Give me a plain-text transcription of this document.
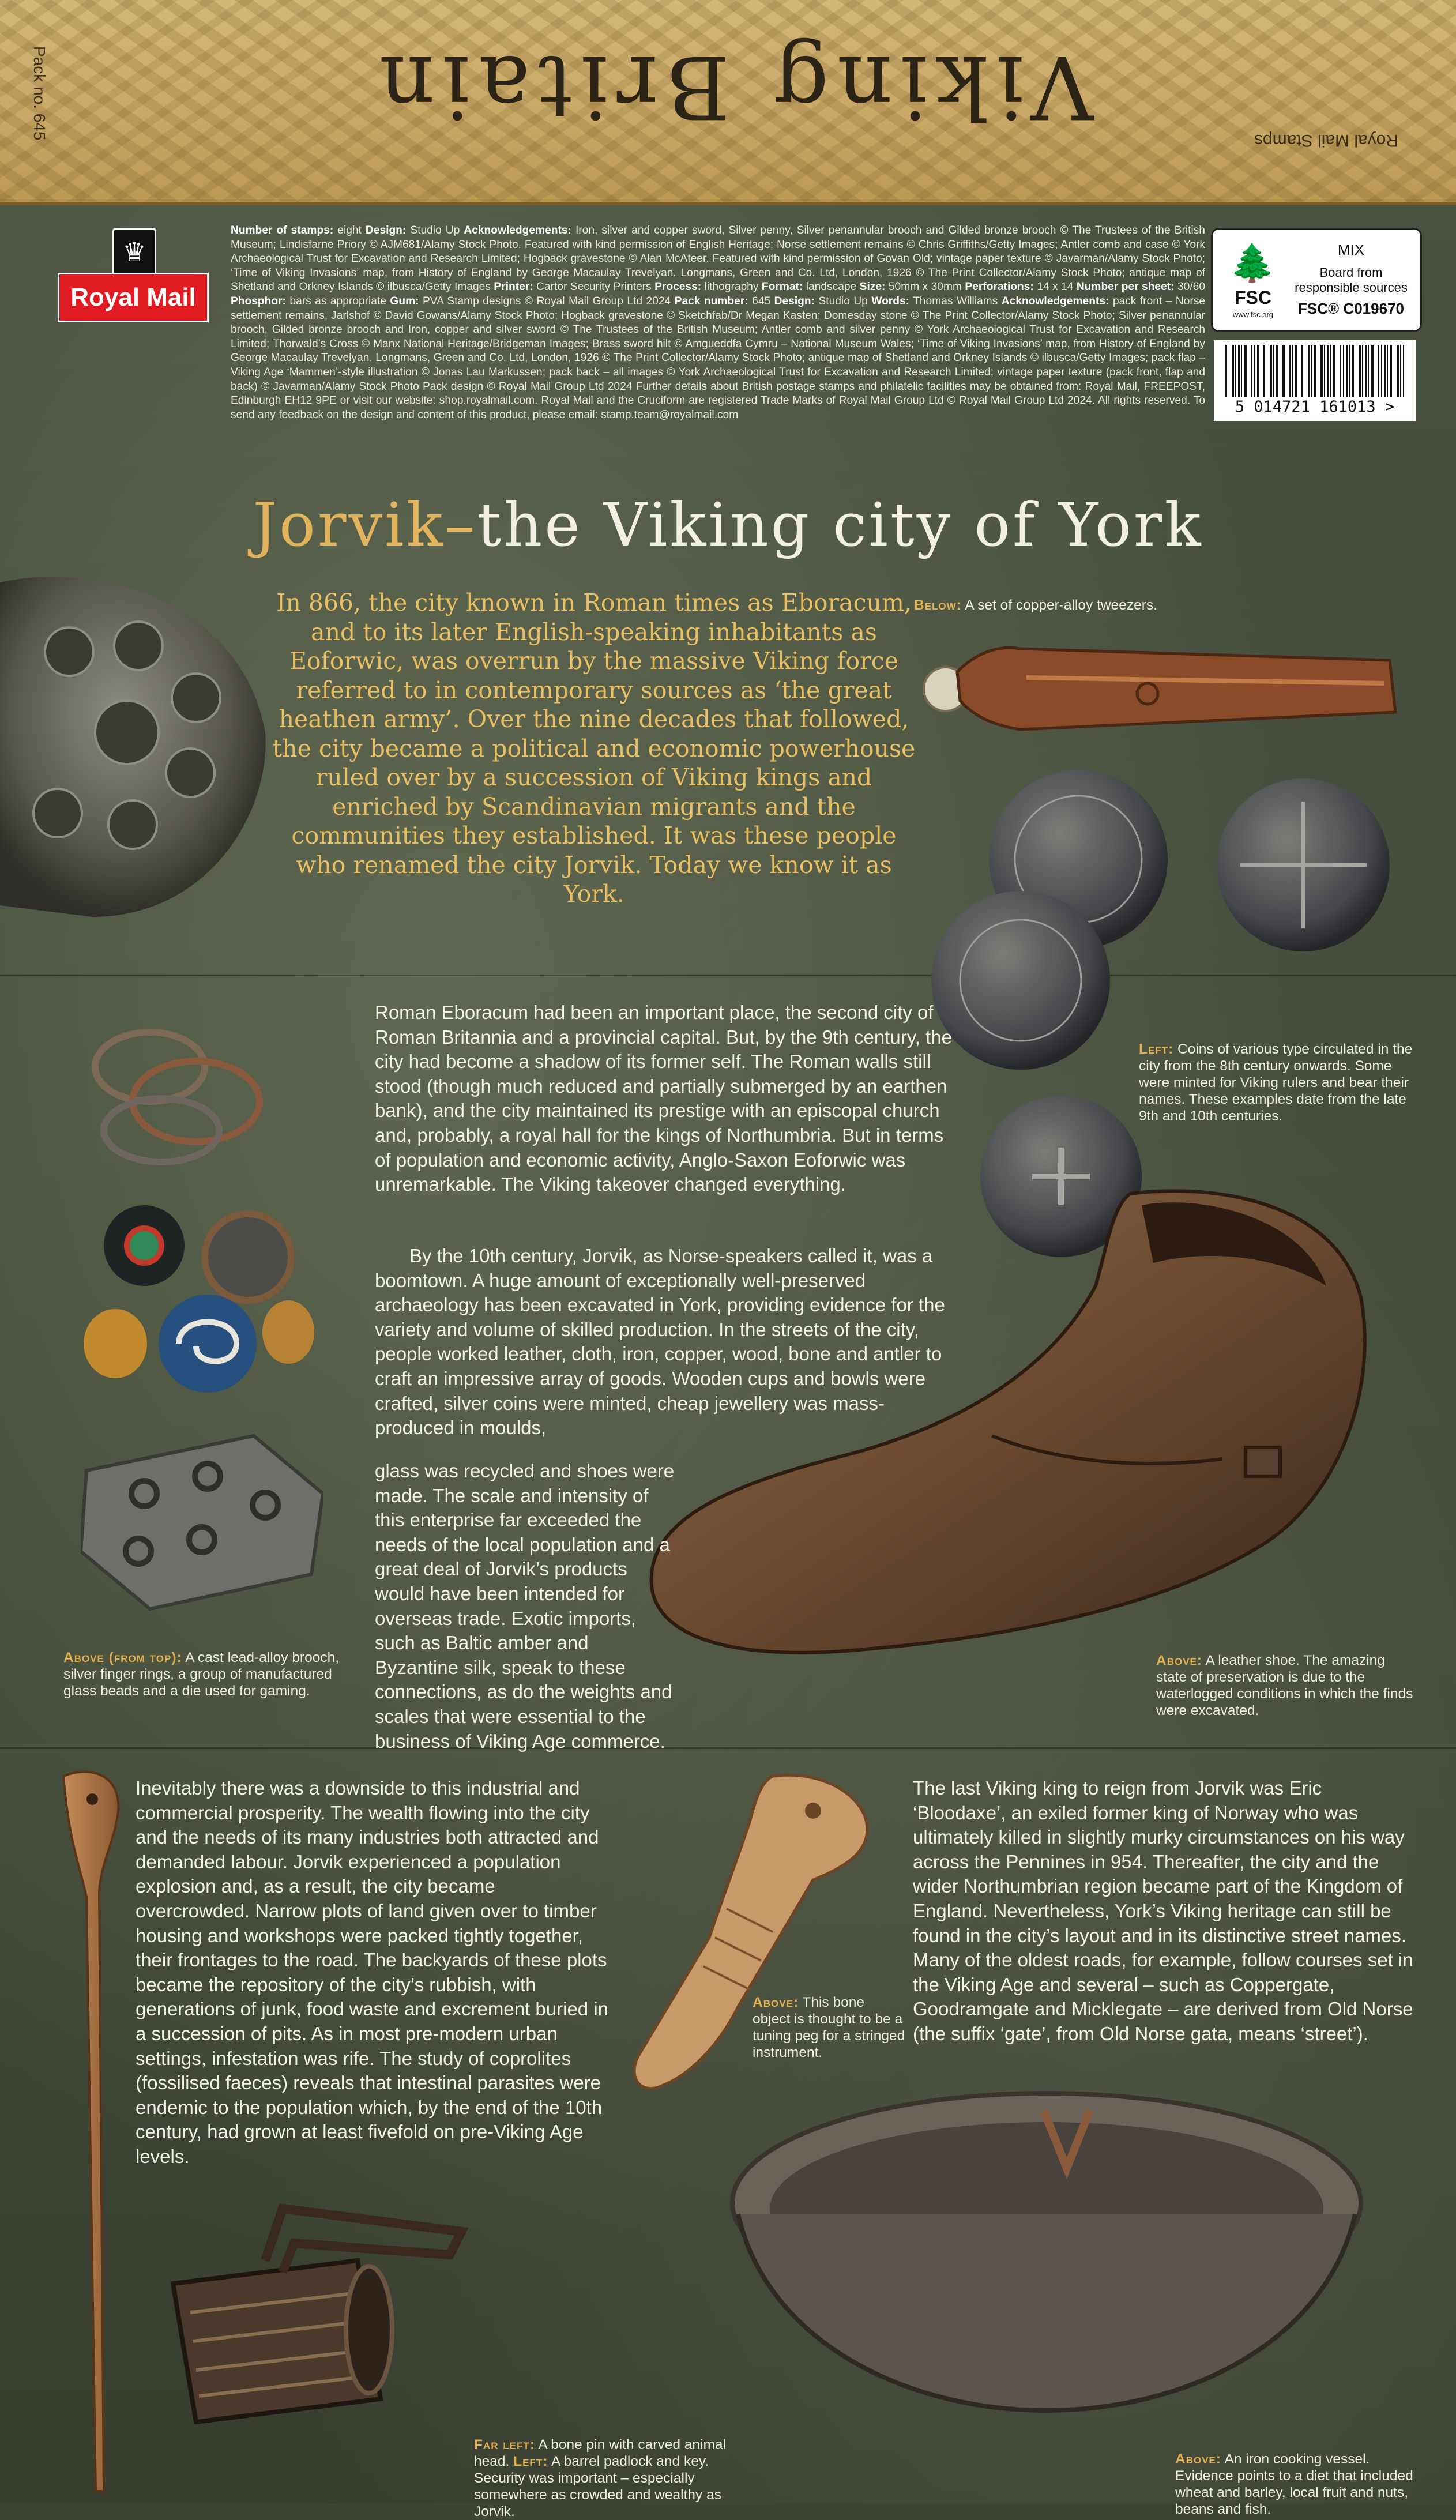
Viking Britain
Pack no. 645
Royal Mail Stamps
♛
Royal Mail
Number of stamps: eight Design: Studio Up Acknowledgements: Iron, silver and copper sword, Silver penny, Silver penannular brooch and Gilded bronze brooch © The Trustees of the British Museum; Lindisfarne Priory © AJM681/Alamy Stock Photo. Featured with kind permission of English Heritage; Norse settlement remains © Chris Griffiths/Getty Images; Antler comb and case © York Archaeological Trust for Excavation and Research Limited; Hogback gravestone © Alan McAteer. Featured with kind permission of Govan Old; vintage paper texture © Javarman/Alamy Stock Photo; ‘Time of Viking Invasions’ map, from History of England by George Macaulay Trevelyan. Longmans, Green and Co. Ltd, London, 1926 © The Print Collector/Alamy Stock Photo; antique map of Shetland and Orkney Islands © ilbusca/Getty Images Printer: Cartor Security Printers Process: lithography Format: landscape Size: 50mm x 30mm Perforations: 14 x 14 Number per sheet: 30/60 Phosphor: bars as appropriate Gum: PVA Stamp designs © Royal Mail Group Ltd 2024 Pack number: 645 Design: Studio Up Words: Thomas Williams Acknowledgements: pack front – Norse settlement remains, Jarlshof © David Gowans/Alamy Stock Photo; Hogback gravestone © Sketchfab/Dr Megan Kasten; Domesday stone © The Print Collector/Alamy Stock Photo; Silver penannular brooch, Gilded bronze brooch and Iron, copper and silver sword © The Trustees of the British Museum; Antler comb and silver penny © York Archaeological Trust for Excavation and Research Limited; Thorwald’s Cross © Manx National Heritage/Bridgeman Images; Brass sword hilt © Amgueddfa Cymru – National Museum Wales; ‘Time of Viking Invasions’ map, from History of England by George Macaulay Trevelyan. Longmans, Green and Co. Ltd, London, 1926 © The Print Collector/Alamy Stock Photo; antique map of Shetland and Orkney Islands © ilbusca/Getty Images; pack flap – Viking Age ‘Mammen’-style illustration © Jonas Lau Markussen; pack back – all images © York Archaeological Trust for Excavation and Research Limited; vintage paper texture (pack front, flap and back) © Javarman/Alamy Stock Photo Pack design © Royal Mail Group Ltd 2024 Further details about British postage stamps and philatelic facilities may be obtained from: Royal Mail, FREEPOST, Edinburgh EH12 9PE or visit our website: shop.royalmail.com. Royal Mail and the Cruciform are registered Trade Marks of Royal Mail Group Ltd © Royal Mail Group Ltd 2024. All rights reserved. To send any feedback on the design and content of this product, please email: stamp.team@royalmail.com
🌲
FSC
www.fsc.org
MIX
Board from responsible sources
FSC® C019670
5 014721 161013 >
Jorvik–the Viking city of York
In 866, the city known in Roman times as Eboracum, and to its later English-speaking inhabitants as Eoforwic, was overrun by the massive Viking force referred to in contemporary sources as ‘the great heathen army’. Over the nine decades that followed, the city became a political and economic powerhouse ruled over by a succession of Viking kings and enriched by Scandinavian migrants and the communities they established. It was these people who renamed the city Jorvik. Today we know it as York.
Roman Eboracum had been an important place, the second city of Roman Britannia and a provincial capital. But, by the 9th century, the city had become a shadow of its former self. The Roman walls still stood (though much reduced and partially submerged by an earthen bank), and the city maintained its prestige with an episcopal church and, probably, a royal hall for the kings of Northumbria. But in terms of population and economic activity, Anglo-Saxon Eoforwic was unremarkable. The Viking takeover changed everything.
By the 10th century, Jorvik, as Norse-speakers called it, was a boomtown. A huge amount of exceptionally well-preserved archaeology has been excavated in York, providing evidence for the variety and volume of skilled production. In the streets of the city, people worked leather, cloth, iron, copper, wood, bone and antler to craft an impressive array of goods. Wooden cups and bowls were crafted, silver coins were minted, cheap jewellery was mass-produced in moulds,
glass was recycled and shoes were made. The scale and intensity of this enterprise far exceeded the needs of the local population and a great deal of Jorvik’s products would have been intended for overseas trade. Exotic imports, such as Baltic amber and Byzantine silk, speak to these connections, as do the weights and scales that were essential to the business of Viking Age commerce.
Inevitably there was a downside to this industrial and commercial prosperity. The wealth flowing into the city and the needs of its many industries both attracted and demanded labour. Jorvik experienced a population explosion and, as a result, the city became overcrowded. Narrow plots of land given over to timber housing and workshops were packed tightly together, their frontages to the road. The backyards of these plots became the repository of the city’s rubbish, with generations of junk, food waste and excrement buried in a succession of pits. As in most pre-modern urban settings, infestation was rife. The study of coprolites (fossilised faeces) reveals that intestinal parasites were endemic to the population which, by the end of the 10th century, had grown at least fivefold on pre-Viking Age levels.
The last Viking king to reign from Jorvik was Eric ‘Bloodaxe’, an exiled former king of Norway who was ultimately killed in slightly murky circumstances on his way across the Pennines in 954. Thereafter, the city and the wider Northumbrian region became part of the Kingdom of England. Nevertheless, York’s Viking heritage can still be found in the city’s layout and in its distinctive street names. Many of the oldest roads, for example, follow courses set in the Viking Age and several – such as Coppergate, Goodramgate and Micklegate – are derived from Old Norse (the suffix ‘gate’, from Old Norse gata, means ‘street’).
Below: A set of copper-alloy tweezers.
Left: Coins of various type circulated in the city from the 8th century onwards. Some were minted for Viking rulers and bear their names. These examples date from the late 9th and 10th centuries.
Above (from top): A cast lead-alloy brooch, silver finger rings, a group of manufactured glass beads and a die used for gaming.
Above: A leather shoe. The amazing state of preservation is due to the waterlogged conditions in which the finds were excavated.
Above: This bone object is thought to be a tuning peg for a stringed instrument.
Far left: A bone pin with carved animal head. Left: A barrel padlock and key. Security was important – especially somewhere as crowded and wealthy as Jorvik.
Above: An iron cooking vessel. Evidence points to a diet that included wheat and barley, local fruit and nuts, beans and fish.
